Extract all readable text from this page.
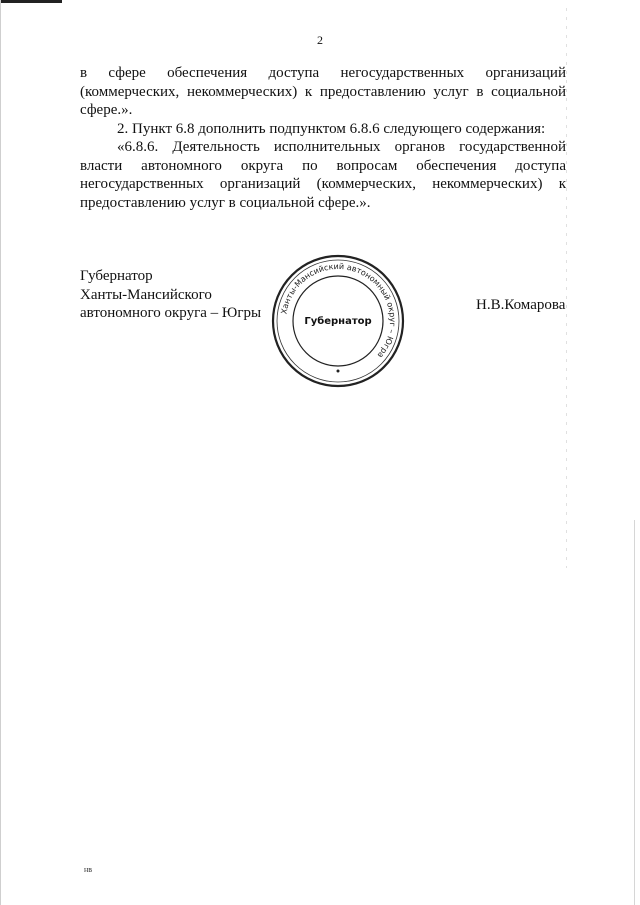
2

в сфере обеспечения доступа негосударственных организаций (коммерческих, некоммерческих) к предоставлению услуг в социальной сфере.».

2. Пункт 6.8 дополнить подпунктом 6.8.6 следующего содержания:

«6.8.6. Деятельность исполнительных органов государственной власти автономного округа по вопросам обеспечения доступа негосударственных организаций (коммерческих, некоммерческих) к предоставлению услуг в социальной сфере.».

Губернатор
Ханты-Мансийского
автономного округа – Югры Ханты-Мансийский автономный округ – Югра
Губернатор
Н.В.Комарова
нв
